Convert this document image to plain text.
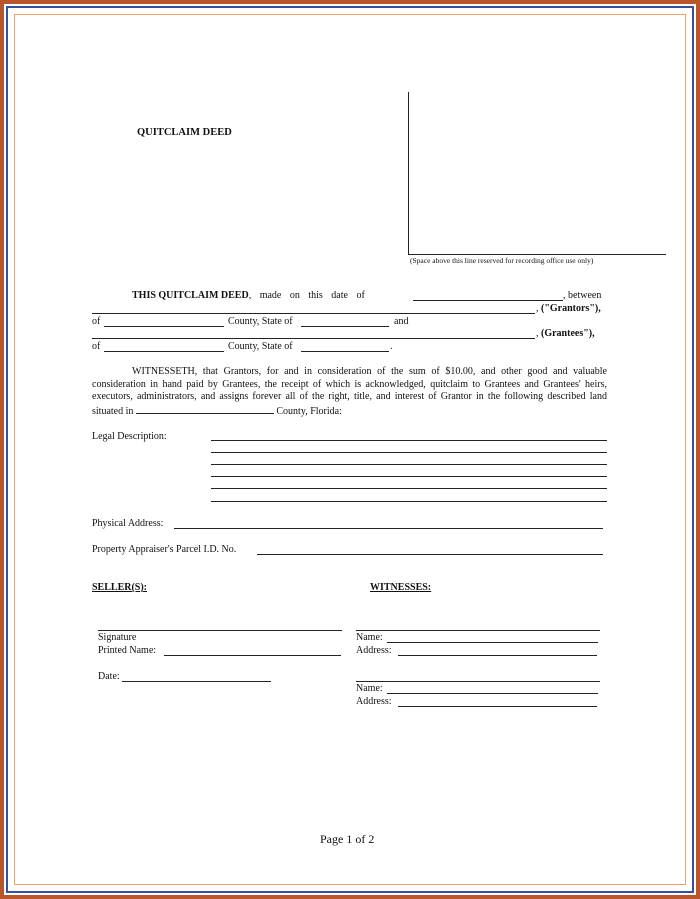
QUITCLAIM DEED
(Space above this line reserved for recording office use only)
THIS QUITCLAIM DEED, made on this date of	, between
, ("Grantors"),
of	County, State of	and
, (Grantees"),
of	County, State of	.
WITNESSETH, that Grantors, for and in consideration of the sum of $10.00, and other good and valuable consideration in hand paid by Grantees, the receipt of which is acknowledged, quitclaim to Grantees and Grantees' heirs, executors, administrators, and assigns forever all of the right, title, and interest of Grantor in the following described land situated in	County, Florida:
Legal Description:
Physical Address:
Property Appraiser's Parcel I.D. No.
SELLER(S):	WITNESSES:
Signature
Printed Name:
Date:
Name:
Address:
Name:
Address:
Page 1 of 2
